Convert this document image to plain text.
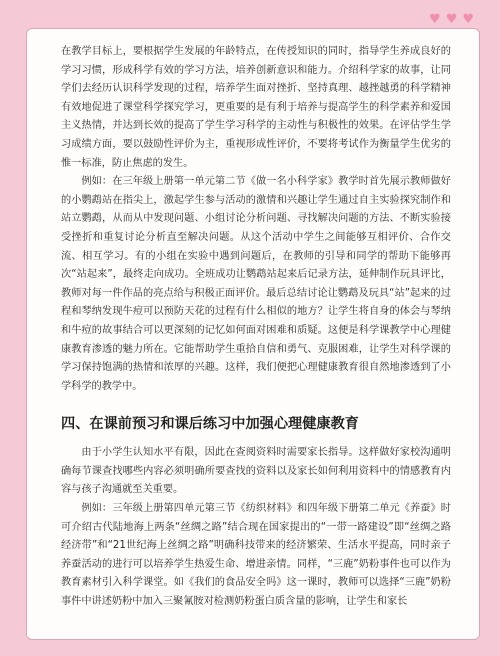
在教学目标上，要根据学生发展的年龄特点，在传授知识的同时，指导学生养成良好的学习习惯，形成科学有效的学习方法，培养创新意识和能力。介绍科学家的故事，让同学们去经历认识科学发现的过程，培养学生面对挫折、坚持真理、越挫越勇的科学精神有效地促进了课堂科学探究学习，更重要的是有利于培养与提高学生的科学素养和爱国主义热情，并达到长效的提高了学生学习科学的主动性与积极性的效果。在评估学生学习成绩方面，要以鼓励性评价为主，重视形成性评价，不要将考试作为衡量学生优劣的惟一标准，防止焦虑的发生。

例如：在三年级上册第一单元第二节《做一名小科学家》教学时首先展示教师做好的小鹦鹉站在指尖上，激起学生参与活动的激情和兴趣让学生通过自主实验探究制作和站立鹦鹉，从而从中发现问题、小组讨论分析问题、寻找解决问题的方法、不断实验接受挫折和重复讨论分析直至解决问题。从这个活动中学生之间能够互相评价、合作交流、相互学习。有的小组在实验中遇到问题后，在教师的引导和同学的帮助下能够再次“站起来”，最终走向成功。全班成功让鹦鹉站起来后记录方法，延伸制作玩具评比，教师对每一件作品的亮点给与积极正面评价。最后总结讨论让鹦鹉及玩具“站”起来的过程和琴纳发现牛痘可以预防天花的过程有什么相似的地方？让学生将自身的体会与琴纳和牛痘的故事结合可以更深刻的记忆如何面对困难和质疑。这便是科学课教学中心理健康教育渗透的魅力所在。它能帮助学生重拾自信和勇气、克服困难，让学生对科学课的学习保持饱满的热情和浓厚的兴趣。这样，我们便把心理健康教育很自然地渗透到了小学科学的教学中。

四、在课前预习和课后练习中加强心理健康教育

由于小学生认知水平有限，因此在查阅资料时需要家长指导。这样做好家校沟通明确每节课查找哪些内容必须明确所要查找的资料以及家长如何利用资料中的情感教育内容与孩子沟通就至关重要。

例如：三年级上册第四单元第三节《纺织材料》和四年级下册第二单元《养蚕》时可介绍古代陆地海上两条“丝绸之路”结合现在国家提出的“一带一路建设”即“丝绸之路经济带”和“21世纪海上丝绸之路”明确科技带来的经济繁荣、生活水平提高，同时亲子养蚕活动的进行可以培养学生热爱生命、增进亲情。同样，“三鹿”奶粉事件也可以作为教育素材引入科学课堂。如《我们的食品安全吗》这一课时，教师可以选择“三鹿”奶粉事件中讲述奶粉中加入三聚氰胺对检测奶粉蛋白质含量的影响，让学生和家长

♥ ♥ ♥
